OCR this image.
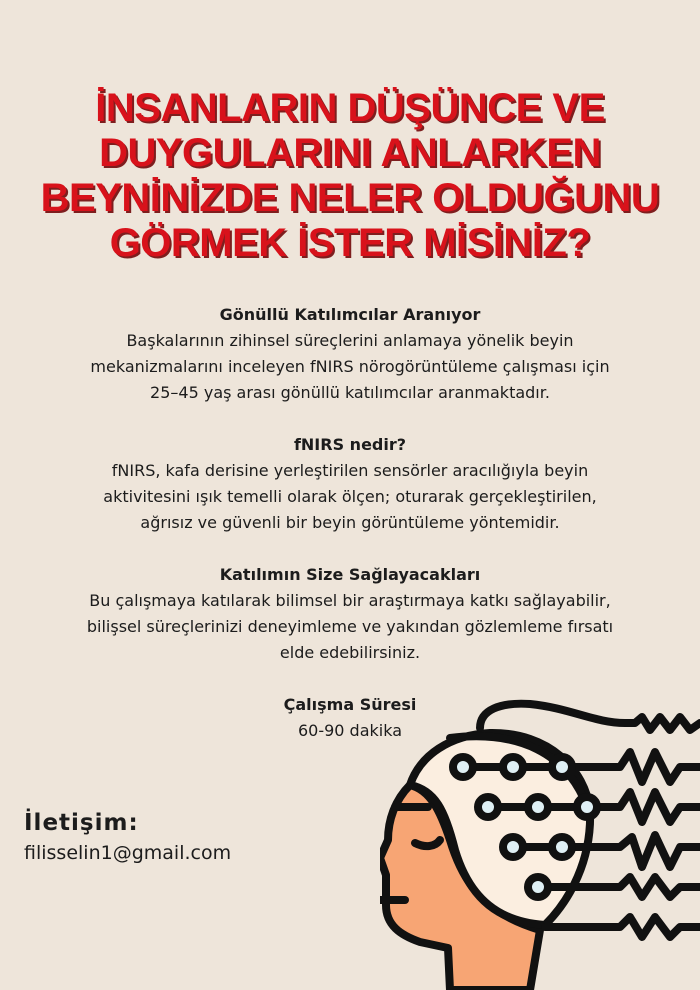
İNSANLARIN DÜŞÜNCE VE
DUYGULARINI ANLARKEN
BEYNİNİZDE NELER OLDUĞUNU
GÖRMEK İSTER MİSİNİZ?
Gönüllü Katılımcılar Aranıyor
Başkalarının zihinsel süreçlerini anlamaya yönelik beyin
mekanizmalarını inceleyen fNIRS nörogörüntüleme çalışması için
25–45 yaş arası gönüllü katılımcılar aranmaktadır.
fNIRS nedir?
fNIRS, kafa derisine yerleştirilen sensörler aracılığıyla beyin
aktivitesini ışık temelli olarak ölçen; oturarak gerçekleştirilen,
ağrısız ve güvenli bir beyin görüntüleme yöntemidir.
Katılımın Size Sağlayacakları
Bu çalışmaya katılarak bilimsel bir araştırmaya katkı sağlayabilir,
bilişsel süreçlerinizi deneyimleme ve yakından gözlemleme fırsatı
elde edebilirsiniz.
Çalışma Süresi
60-90 dakika
İletişim:
filisselin1@gmail.com
